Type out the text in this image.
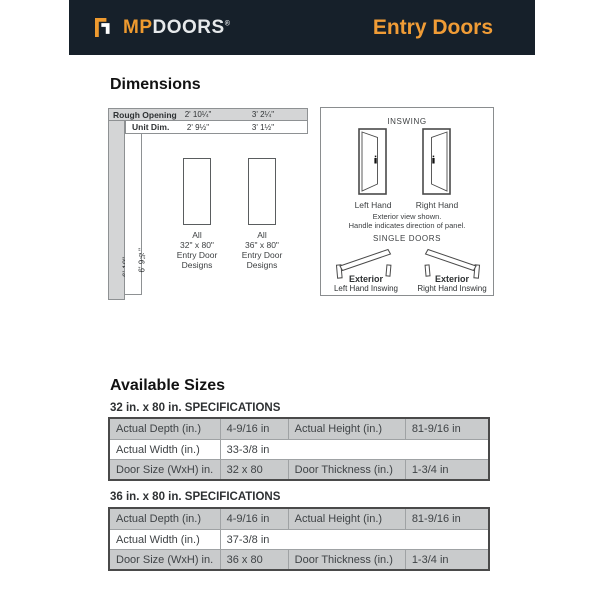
MPDOORS®	Entry Doors
Dimensions
Rough Opening 2' 10¼"	3' 2¼"
Unit Dim.	2' 9½"	3' 1½"
6' 9½"
All
32" x 80"
Entry Door
Designs
All
36" x 80"
Entry Door
Designs
INSWING
Left Hand	Right Hand
Exterior view shown.
Handle indicates direction of panel.
SINGLE DOORS
Exterior
Left Hand Inswing
Exterior
Right Hand Inswing
Available Sizes
32 in. x 80 in. SPECIFICATIONS
Actual Depth (in.)	4-9/16 in	Actual Height (in.)	81-9/16 in
Actual Width (in.)	33-3/8 in
Door Size (WxH) in.	32 x 80	Door Thickness (in.)	1-3/4 in
36 in. x 80 in. SPECIFICATIONS
Actual Depth (in.)	4-9/16 in	Actual Height (in.)	81-9/16 in
Actual Width (in.)	37-3/8 in
Door Size (WxH) in.	36 x 80	Door Thickness (in.)	1-3/4 in
